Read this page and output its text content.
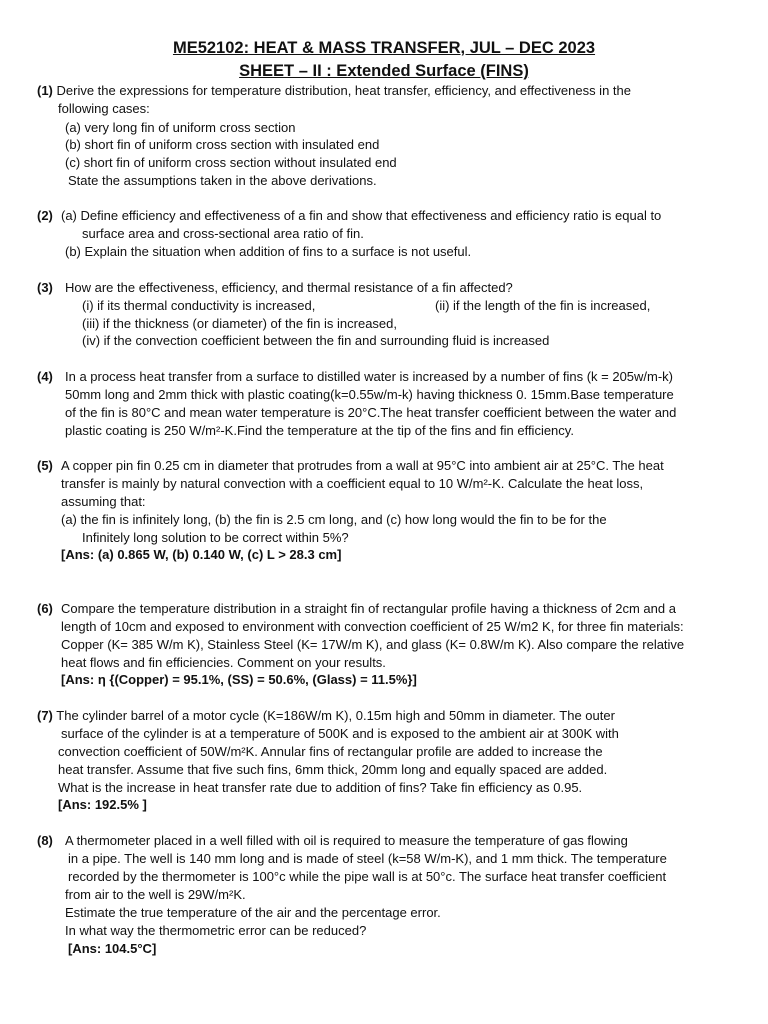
ME52102: HEAT & MASS TRANSFER, JUL – DEC 2023
SHEET – II : Extended Surface (FINS)
(1) Derive the expressions for temperature distribution, heat transfer, efficiency, and effectiveness in the
following cases:
(a) very long fin of uniform cross section
(b) short fin of uniform cross section with insulated end
(c) short fin of uniform cross section without insulated end
State the assumptions taken in the above derivations.
(2) (a) Define efficiency and effectiveness of a fin and show that effectiveness and efficiency ratio is equal to
surface area and cross-sectional area ratio of fin.
(b) Explain the situation when addition of fins to a surface is not useful.
(3) How are the effectiveness, efficiency, and thermal resistance of a fin affected?
(i) if its thermal conductivity is increased,	(ii) if the length of the fin is increased,
(iii) if the thickness (or diameter) of the fin is increased,
(iv) if the convection coefficient between the fin and surrounding fluid is increased
(4) In a process heat transfer from a surface to distilled water is increased by a number of fins (k = 205w/m-k)
50mm long and 2mm thick with plastic coating(k=0.55w/m-k) having thickness 0. 15mm.Base temperature
of the fin is 80°C and mean water temperature is 20°C.The heat transfer coefficient between the water and
plastic coating is 250 W/m²-K.Find the temperature at the tip of the fins and fin efficiency.
(5) A copper pin fin 0.25 cm in diameter that protrudes from a wall at 95°C into ambient air at 25°C. The heat
transfer is mainly by natural convection with a coefficient equal to 10 W/m²-K. Calculate the heat loss,
assuming that:
(a) the fin is infinitely long, (b) the fin is 2.5 cm long, and (c) how long would the fin to be for the
Infinitely long solution to be correct within 5%?
[Ans: (a) 0.865 W, (b) 0.140 W, (c) L > 28.3 cm]
(6) Compare the temperature distribution in a straight fin of rectangular profile having a thickness of 2cm and a
length of 10cm and exposed to environment with convection coefficient of 25 W/m2 K, for three fin materials:
Copper (K= 385 W/m K), Stainless Steel (K= 17W/m K), and glass (K= 0.8W/m K). Also compare the relative
heat flows and fin efficiencies. Comment on your results.
[Ans: η {(Copper) = 95.1%, (SS) = 50.6%, (Glass) = 11.5%}]
(7) The cylinder barrel of a motor cycle (K=186W/m K), 0.15m high and 50mm in diameter. The outer
surface of the cylinder is at a temperature of 500K and is exposed to the ambient air at 300K with
convection coefficient of 50W/m²K. Annular fins of rectangular profile are added to increase the
heat transfer. Assume that five such fins, 6mm thick, 20mm long and equally spaced are added.
What is the increase in heat transfer rate due to addition of fins? Take fin efficiency as 0.95.
[Ans: 192.5% ]
(8) A thermometer placed in a well filled with oil is required to measure the temperature of gas flowing
in a pipe. The well is 140 mm long and is made of steel (k=58 W/m-K), and 1 mm thick. The temperature
recorded by the thermometer is 100°c while the pipe wall is at 50°c. The surface heat transfer coefficient
from air to the well is 29W/m²K.
Estimate the true temperature of the air and the percentage error.
In what way the thermometric error can be reduced?
[Ans: 104.5°C]
